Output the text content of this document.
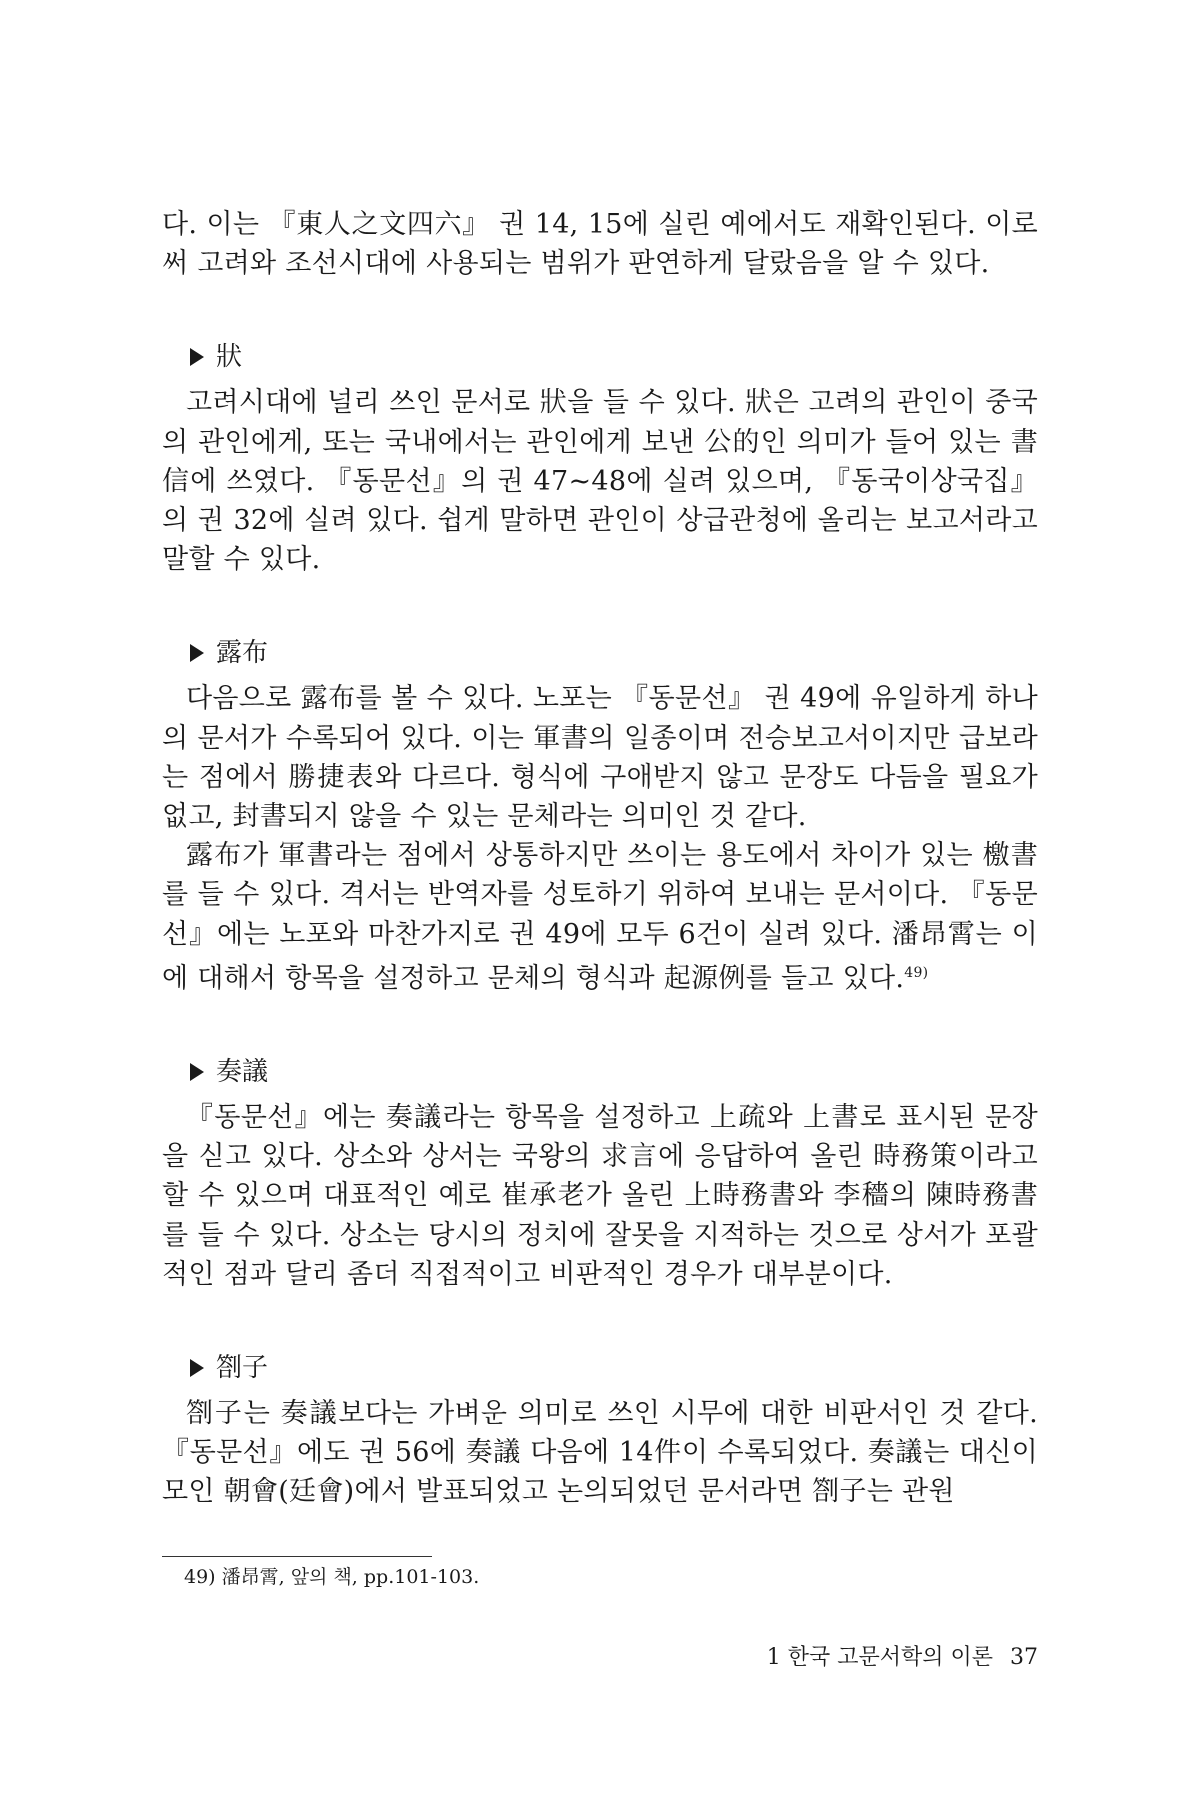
다. 이는 『東人之文四六』 권 14, 15에 실린 예에서도 재확인된다. 이로써 고려와 조선시대에 사용되는 범위가 판연하게 달랐음을 알 수 있다.

狀

고려시대에 널리 쓰인 문서로 狀을 들 수 있다. 狀은 고려의 관인이 중국의 관인에게, 또는 국내에서는 관인에게 보낸 公的인 의미가 들어 있는 書信에 쓰였다. 『동문선』의 권 47~48에 실려 있으며, 『동국이상국집』의 권 32에 실려 있다. 쉽게 말하면 관인이 상급관청에 올리는 보고서라고 말할 수 있다.

露布

다음으로 露布를 볼 수 있다. 노포는 『동문선』 권 49에 유일하게 하나의 문서가 수록되어 있다. 이는 軍書의 일종이며 전승보고서이지만 급보라는 점에서 勝捷表와 다르다. 형식에 구애받지 않고 문장도 다듬을 필요가 없고, 封書되지 않을 수 있는 문체라는 의미인 것 같다.

露布가 軍書라는 점에서 상통하지만 쓰이는 용도에서 차이가 있는 檄書를 들 수 있다. 격서는 반역자를 성토하기 위하여 보내는 문서이다. 『동문선』에는 노포와 마찬가지로 권 49에 모두 6건이 실려 있다. 潘昂霄는 이에 대해서 항목을 설정하고 문체의 형식과 起源例를 들고 있다.$^{49)}$

奏議

『동문선』에는 奏議라는 항목을 설정하고 上疏와 上書로 표시된 문장을 싣고 있다. 상소와 상서는 국왕의 求言에 응답하여 올린 時務策이라고 할 수 있으며 대표적인 예로 崔承老가 올린 上時務書와 李穡의 陳時務書를 들 수 있다. 상소는 당시의 정치에 잘못을 지적하는 것으로 상서가 포괄적인 점과 달리 좀더 직접적이고 비판적인 경우가 대부분이다.

劄子

劄子는 奏議보다는 가벼운 의미로 쓰인 시무에 대한 비판서인 것 같다. 『동문선』에도 권 56에 奏議 다음에 14件이 수록되었다. 奏議는 대신이 모인 朝會(廷會)에서 발표되었고 논의되었던 문서라면 劄子는 관원

49) 潘昂霄, 앞의 책, pp.101-103.

1 한국 고문서학의 이론 37
